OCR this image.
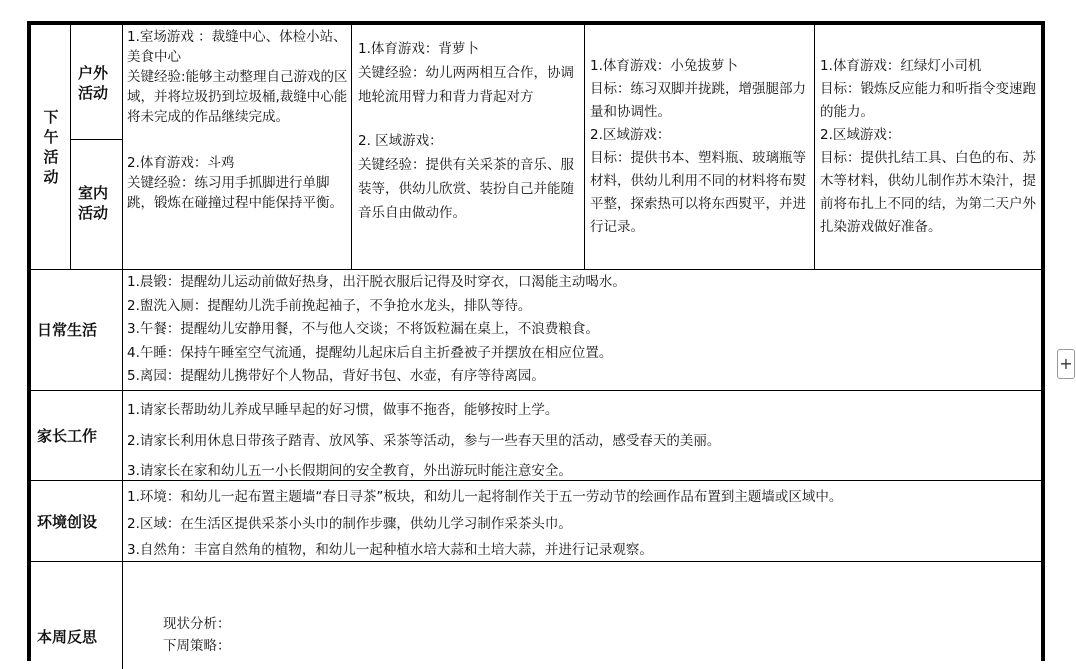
下午活动
户外活动
室内活动
1.室场游戏 ：裁缝中心、体检小站、美食中心
关键经验:能够主动整理自己游戏的区域，并将垃圾扔到垃圾桶,裁缝中心能将未完成的作品继续完成。
2.体育游戏：斗鸡
关键经验：练习用手抓脚进行单脚跳，锻炼在碰撞过程中能保持平衡。
1.体育游戏：背萝卜
关键经验：幼儿两两相互合作，协调地轮流用臂力和背力背起对方
2. 区域游戏：
关键经验：提供有关采茶的音乐、服装等，供幼儿欣赏、装扮自己并能随音乐自由做动作。
1.体育游戏：小兔拔萝卜
目标：练习双脚并拢跳，增强腿部力量和协调性。
2.区域游戏：
目标：提供书本、塑料瓶、玻璃瓶等材料，供幼儿利用不同的材料将布熨平整，探索热可以将东西熨平，并进行记录。
1.体育游戏：红绿灯小司机
目标：锻炼反应能力和听指令变速跑的能力。
2.区域游戏：
目标：提供扎结工具、白色的布、苏木等材料，供幼儿制作苏木染汁，提前将布扎上不同的结，为第二天户外扎染游戏做好准备。
日常生活
1.晨锻：提醒幼儿运动前做好热身，出汗脱衣服后记得及时穿衣，口渴能主动喝水。
2.盥洗入厕：提醒幼儿洗手前挽起袖子，不争抢水龙头，排队等待。
3.午餐：提醒幼儿安静用餐，不与他人交谈；不将饭粒漏在桌上，不浪费粮食。
4.午睡：保持午睡室空气流通，提醒幼儿起床后自主折叠被子并摆放在相应位置。
5.离园：提醒幼儿携带好个人物品，背好书包、水壶，有序等待离园。
家长工作
1.请家长帮助幼儿养成早睡早起的好习惯，做事不拖沓，能够按时上学。
2.请家长利用休息日带孩子踏青、放风筝、采茶等活动，参与一些春天里的活动，感受春天的美丽。
3.请家长在家和幼儿五一小长假期间的安全教育，外出游玩时能注意安全。
环境创设
1.环境：和幼儿一起布置主题墙“春日寻茶”板块，和幼儿一起将制作关于五一劳动节的绘画作品布置到主题墙或区域中。
2.区域：在生活区提供采茶小头巾的制作步骤，供幼儿学习制作采茶头巾。
3.自然角：丰富自然角的植物，和幼儿一起种植水培大蒜和土培大蒜，并进行记录观察。
本周反思
现状分析：
下周策略：
+
